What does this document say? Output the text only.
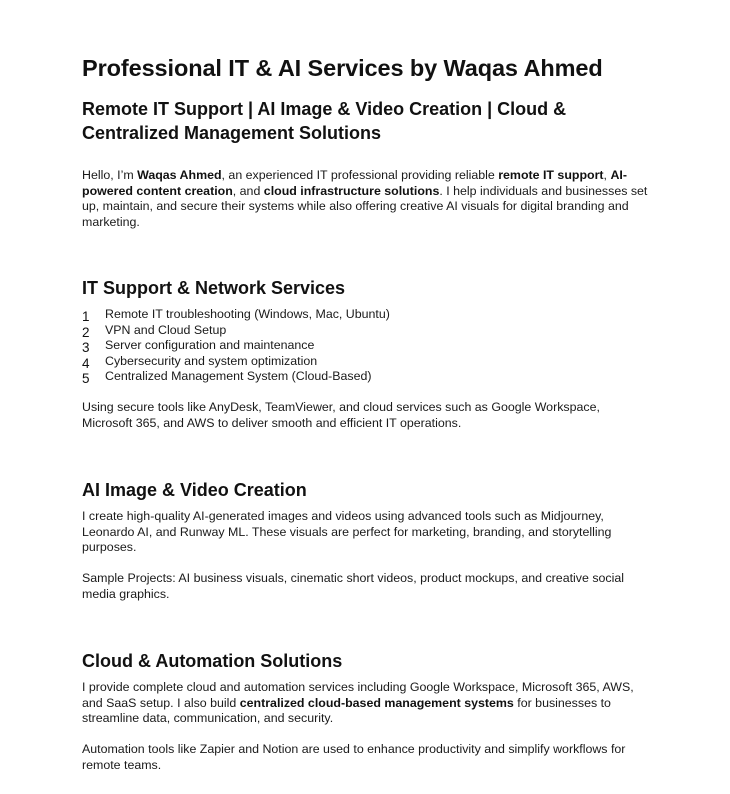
Professional IT & AI Services by Waqas Ahmed
Remote IT Support | AI Image & Video Creation | Cloud & Centralized Management Solutions
Hello, I’m Waqas Ahmed, an experienced IT professional providing reliable remote IT support, AI-powered content creation, and cloud infrastructure solutions. I help individuals and businesses set up, maintain, and secure their systems while also offering creative AI visuals for digital branding and marketing.
IT Support & Network Services
1 Remote IT troubleshooting (Windows, Mac, Ubuntu)
2 VPN and Cloud Setup
3 Server configuration and maintenance
4 Cybersecurity and system optimization
5 Centralized Management System (Cloud-Based)
Using secure tools like AnyDesk, TeamViewer, and cloud services such as Google Workspace, Microsoft 365, and AWS to deliver smooth and efficient IT operations.
AI Image & Video Creation
I create high-quality AI-generated images and videos using advanced tools such as Midjourney, Leonardo AI, and Runway ML. These visuals are perfect for marketing, branding, and storytelling purposes.
Sample Projects: AI business visuals, cinematic short videos, product mockups, and creative social media graphics.
Cloud & Automation Solutions
I provide complete cloud and automation services including Google Workspace, Microsoft 365, AWS, and SaaS setup. I also build centralized cloud-based management systems for businesses to streamline data, communication, and security.
Automation tools like Zapier and Notion are used to enhance productivity and simplify workflows for remote teams.
